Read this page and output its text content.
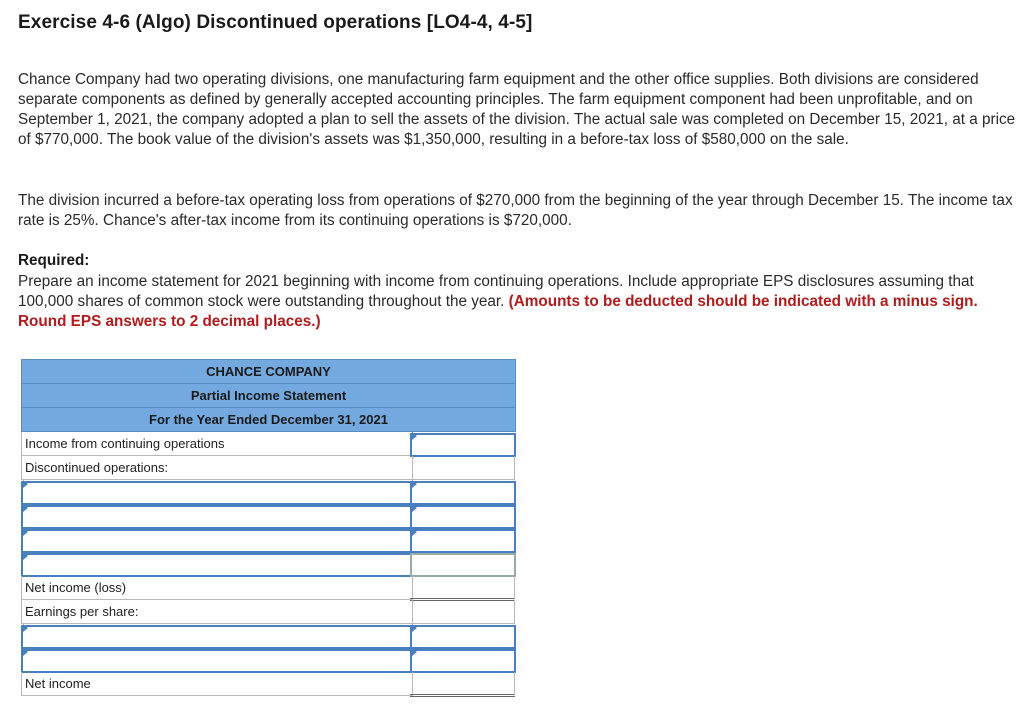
Exercise 4-6 (Algo) Discontinued operations [LO4-4, 4-5]

Chance Company had two operating divisions, one manufacturing farm equipment and the other office supplies. Both divisions are considered separate components as defined by generally accepted accounting principles. The farm equipment component had been unprofitable, and on September 1, 2021, the company adopted a plan to sell the assets of the division. The actual sale was completed on December 15, 2021, at a price of $770,000. The book value of the division's assets was $1,350,000, resulting in a before-tax loss of $580,000 on the sale.

The division incurred a before-tax operating loss from operations of $270,000 from the beginning of the year through December 15. The income tax rate is 25%. Chance's after-tax income from its continuing operations is $720,000.

Required:

Prepare an income statement for 2021 beginning with income from continuing operations. Include appropriate EPS disclosures assuming that 100,000 shares of common stock were outstanding throughout the year. (Amounts to be deducted should be indicated with a minus sign. Round EPS answers to 2 decimal places.)

CHANCE COMPANY
Partial Income Statement
For the Year Ended December 31, 2021
Income from continuing operations
Discontinued operations:
Net income (loss)
Earnings per share:
Net income
